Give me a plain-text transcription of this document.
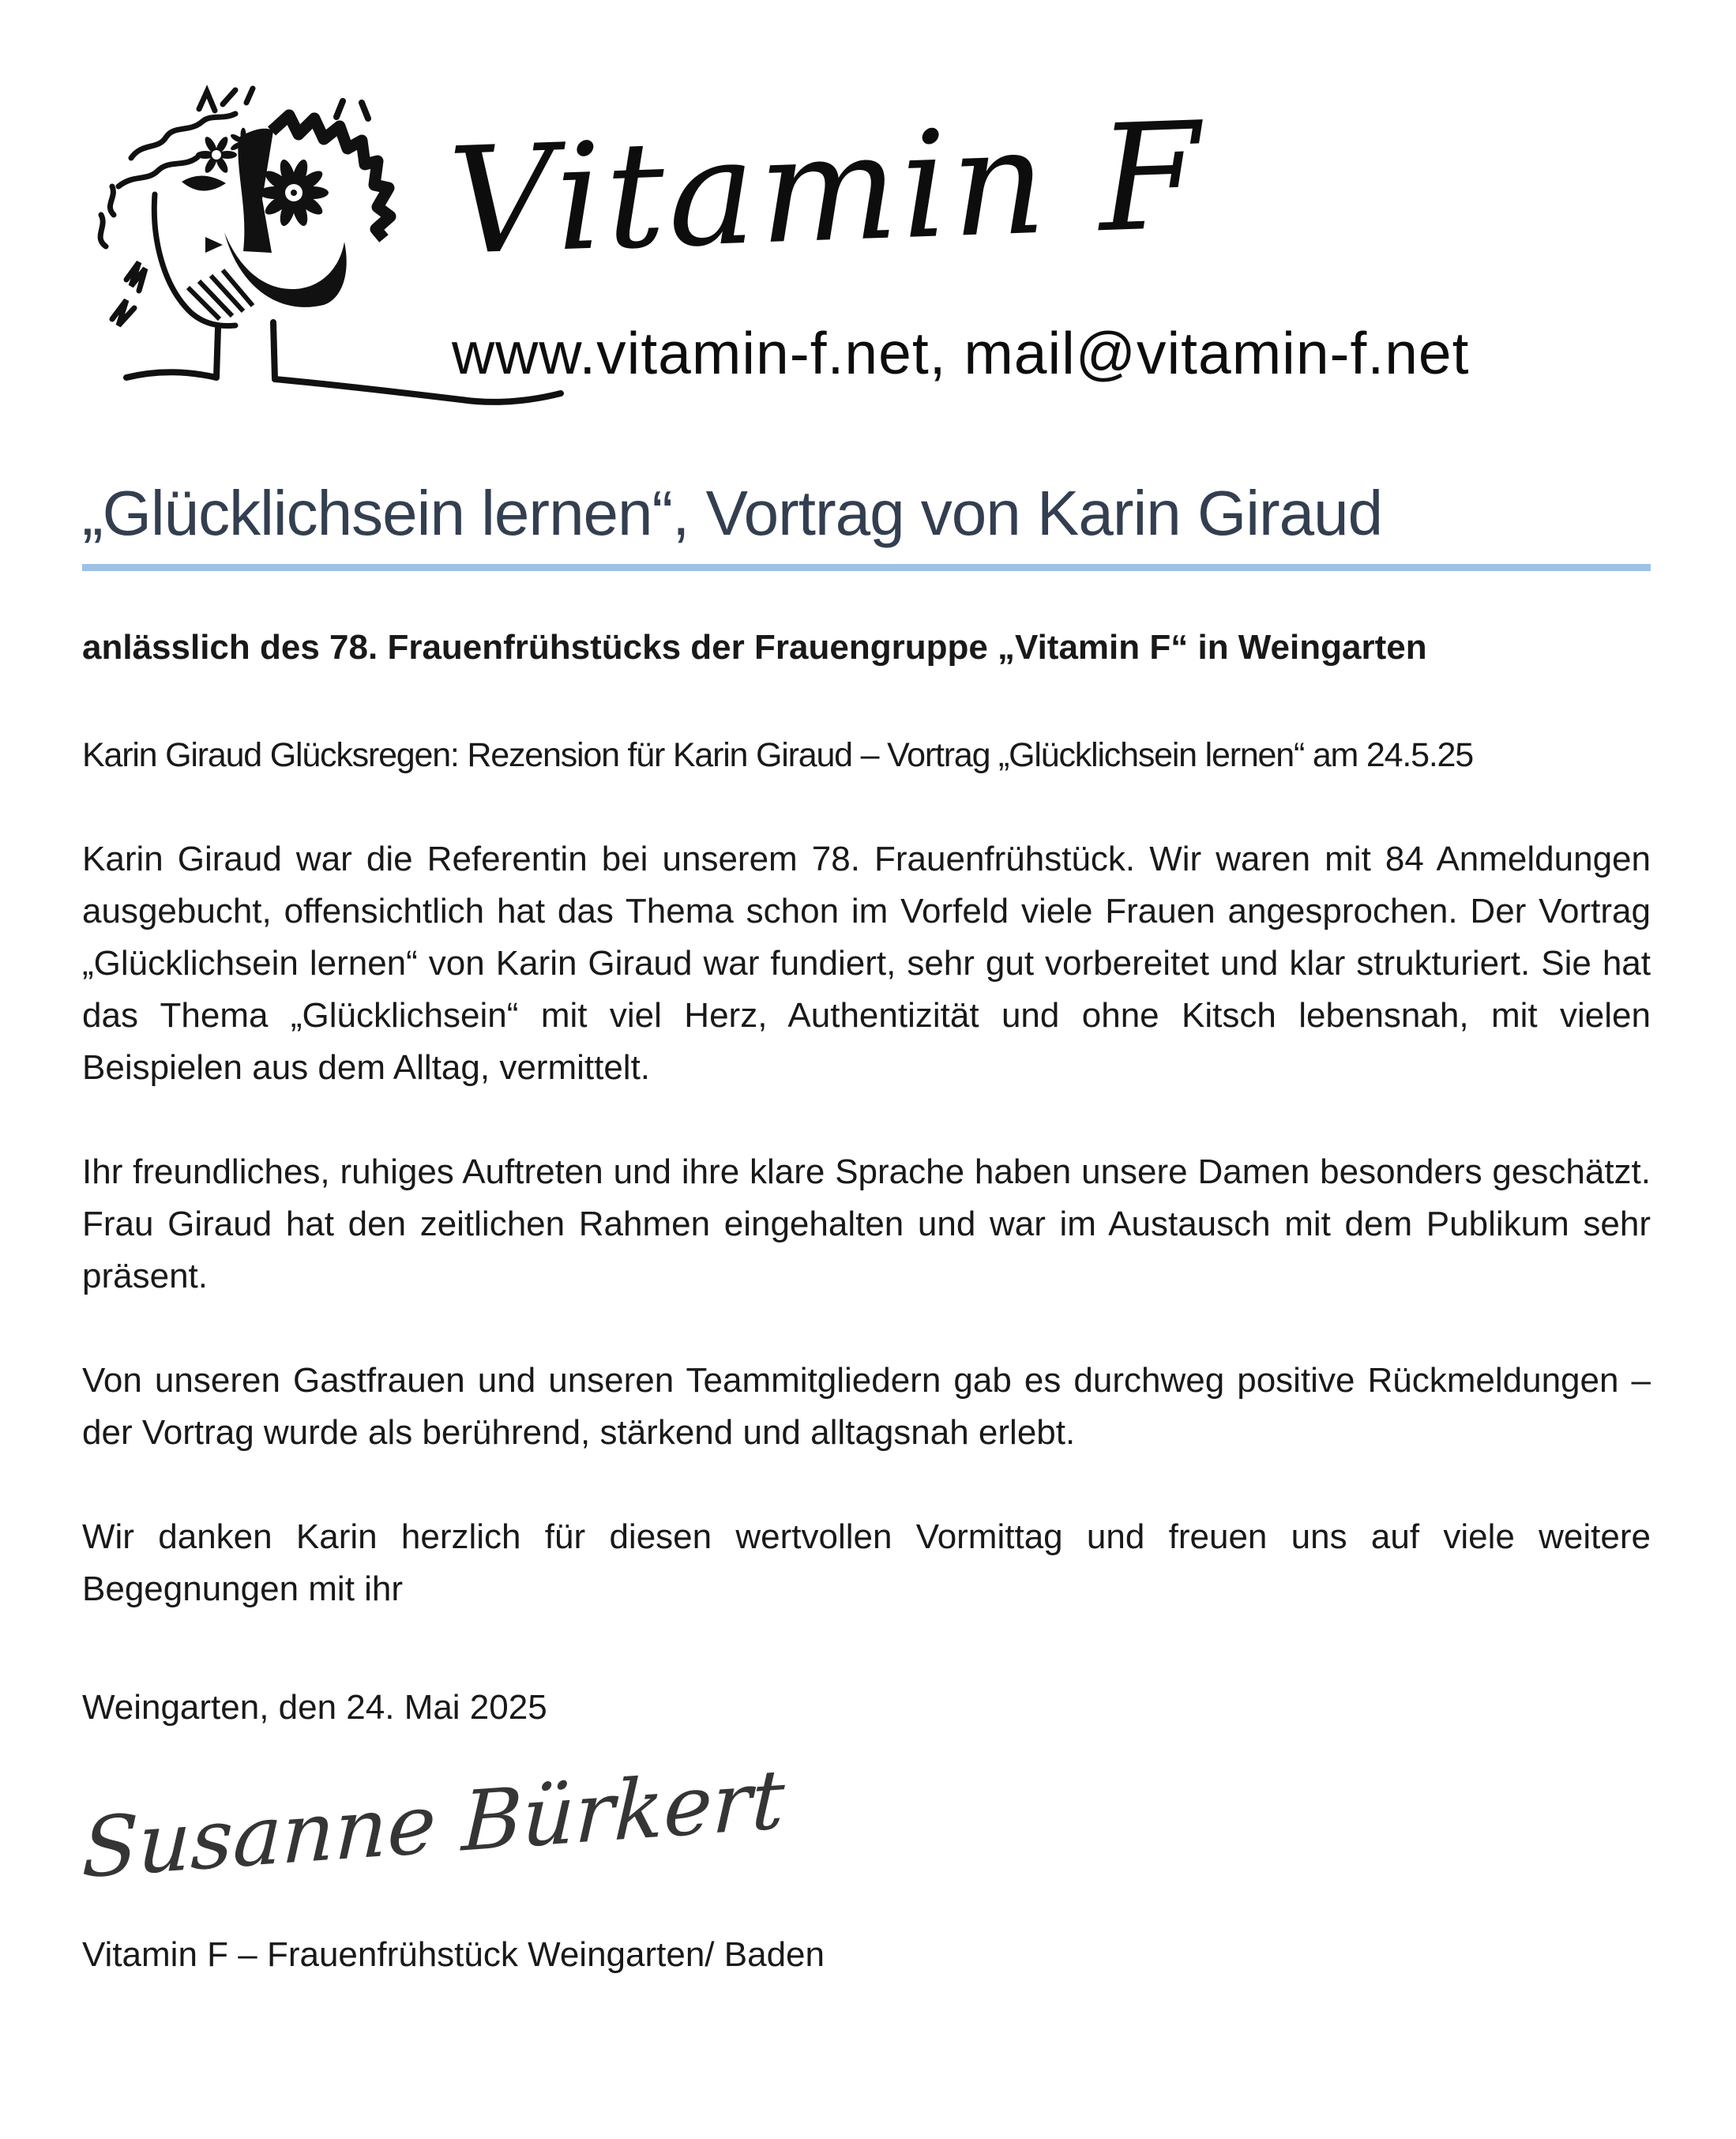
Vitamin F
www.vitamin-f.net, mail@vitamin-f.net
„Glücklichsein lernen“, Vortrag von Karin Giraud

anlässlich des 78. Frauenfrühstücks der Frauengruppe „Vitamin F“ in Weingarten

Karin Giraud Glücksregen: Rezension für Karin Giraud – Vortrag „Glücklichsein lernen“ am 24.5.25

Karin Giraud war die Referentin bei unserem 78. Frauenfrühstück. Wir waren mit 84 Anmeldungen ausgebucht, offensichtlich hat das Thema schon im Vorfeld viele Frauen angesprochen. Der Vortrag „Glücklichsein lernen“ von Karin Giraud war fundiert, sehr gut vorbereitet und klar strukturiert. Sie hat das Thema „Glücklichsein“ mit viel Herz, Authentizität und ohne Kitsch lebensnah, mit vielen Beispielen aus dem Alltag, vermittelt.

Ihr freundliches, ruhiges Auftreten und ihre klare Sprache haben unsere Damen besonders geschätzt. Frau Giraud hat den zeitlichen Rahmen eingehalten und war im Austausch mit dem Publikum sehr präsent.

Von unseren Gastfrauen und unseren Teammitgliedern gab es durchweg positive Rückmeldungen – der Vortrag wurde als berührend, stärkend und alltagsnah erlebt.

Wir danken Karin herzlich für diesen wertvollen Vormittag und freuen uns auf viele weitere Begegnungen mit ihr

Weingarten, den 24. Mai 2025

Susanne Bürkert

Vitamin F – Frauenfrühstück Weingarten/ Baden
